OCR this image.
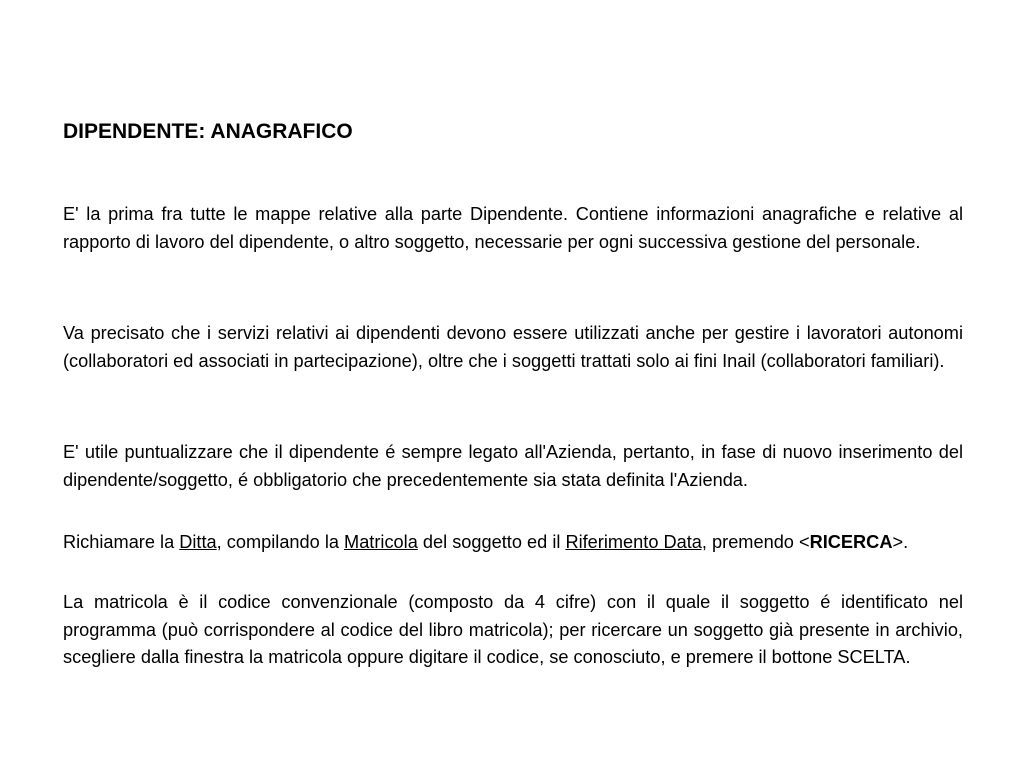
DIPENDENTE: ANAGRAFICO

E' la prima fra tutte le mappe relative alla parte Dipendente. Contiene informazioni anagrafiche e relative al rapporto di lavoro del dipendente, o altro soggetto, necessarie per ogni successiva gestione del personale.

Va precisato che i servizi relativi ai dipendenti devono essere utilizzati anche per gestire i lavoratori autonomi (collaboratori ed associati in partecipazione), oltre che i soggetti trattati solo ai fini Inail (collaboratori familiari).

E' utile puntualizzare che il dipendente é sempre legato all'Azienda, pertanto, in fase di nuovo inserimento del dipendente/soggetto, é obbligatorio che precedentemente sia stata definita l'Azienda.

Richiamare la Ditta, compilando la Matricola del soggetto ed il Riferimento Data, premendo <RICERCA>.

La matricola è il codice convenzionale (composto da 4 cifre) con il quale il soggetto é identificato nel programma (può corrispondere al codice del libro matricola); per ricercare un soggetto già presente in archivio, scegliere dalla finestra la matricola oppure digitare il codice, se conosciuto, e premere il bottone SCELTA.
